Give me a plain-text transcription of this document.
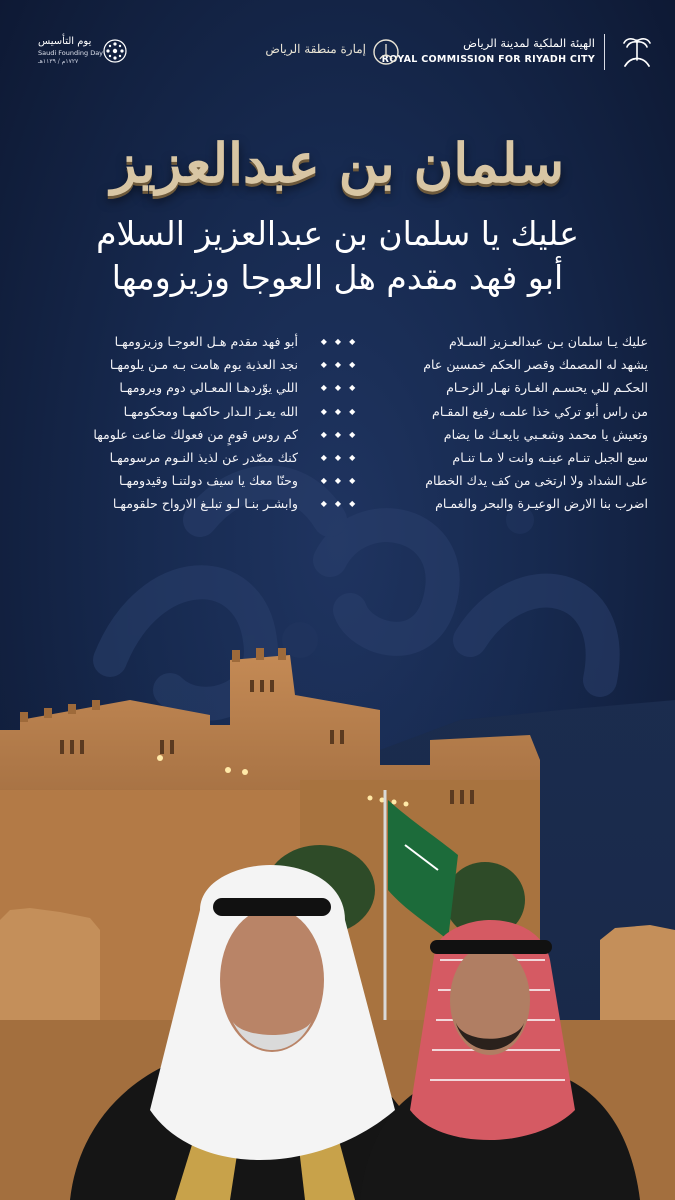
الهيئة الملكية لمدينة الرياض
ROYAL COMMISSION FOR RIYADH CITY
إمارة منطقة الرياض
يوم التأسيس
Saudi Founding Day
١٧٢٧م / ١١٣٩هـ
سلمان بن عبدالعزيز
عليك يا سلمان بن عبدالعزيز السلام
أبو فهد مقدم هل العوجا وزيزومها
عليك يـا سلمان بـن عبدالعـزيز السـلام
◆◆◆
أبو فهد مقدم هـل العوجـا وزيزومهـا
يشهد له المصمك وقصر الحكم خمسين عام
◆◆◆
نجد العذية يوم هامت بـه مـن يلومهـا
الحكـم للي يحسـم الغـارة نهـار الزحـام
◆◆◆
اللي يوّردهـا المعـالي دوم ويرومهـا
من راس أبو تركي خذا علمـه رفيع المقـام
◆◆◆
الله يعـز الـدار حاكمهـا ومحكومهـا
وتعيش يا محمد وشعـبي بايعـك ما يضام
◆◆◆
كم روس قومٍ من فعولك ضاعت علومها
سبع الجبل تنـام عينـه وانت لا مـا تنـام
◆◆◆
كنك مصّدر عن لذيذ النـوم مرسومهـا
على الشداد ولا ارتخى من كف يدك الخطام
◆◆◆
وحنّا معك يا سيف دولتنـا وقيدومهـا
اضرب بنا الارض الوعيـرة والبحر والغمـام
◆◆◆
وابشـر بنـا لـو تبلـغ الارواح حلقومهـا
